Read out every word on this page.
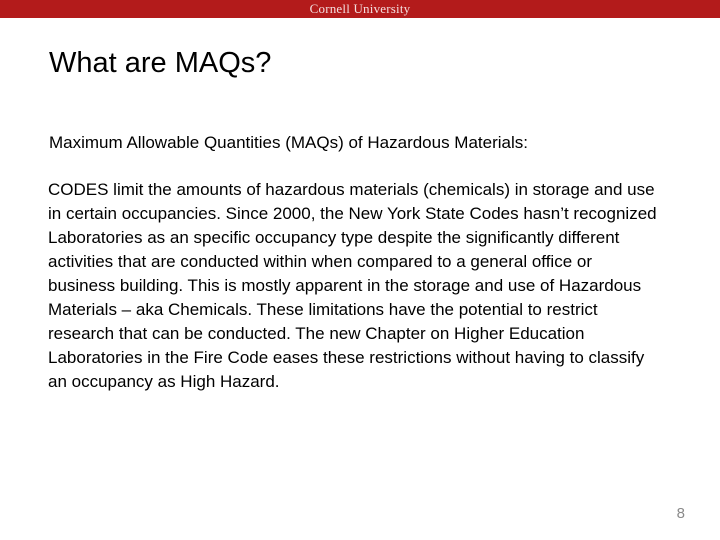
Cornell University
What are MAQs?

Maximum Allowable Quantities (MAQs) of Hazardous Materials:

CODES limit the amounts of hazardous materials (chemicals) in storage and use in certain occupancies. Since 2000, the New York State Codes hasn’t recognized Laboratories as an specific occupancy type despite the significantly different activities that are conducted within when compared to a general office or business building. This is mostly apparent in the storage and use of Hazardous Materials – aka Chemicals. These limitations have the potential to restrict research that can be conducted. The new Chapter on Higher Education Laboratories in the Fire Code eases these restrictions without having to classify an occupancy as High Hazard.

8
